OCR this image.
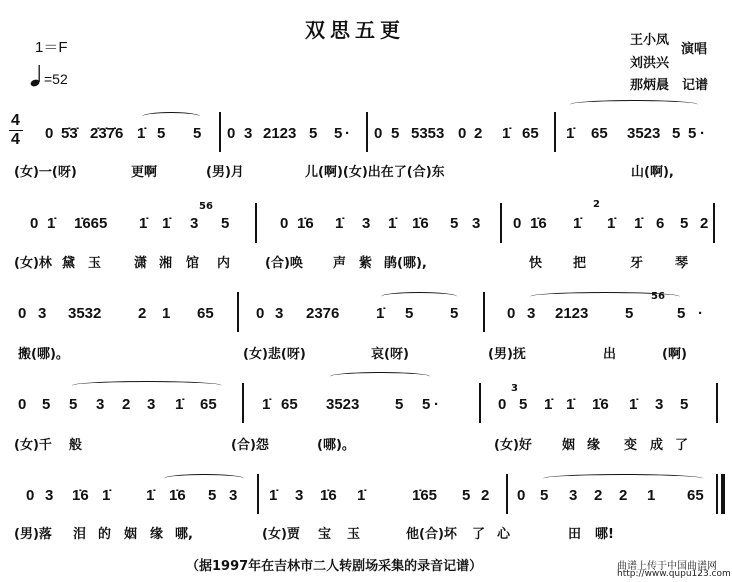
双思五更
1＝F
=52
王小凤
演唱
刘洪兴
那炳晨 记谱
4
4 0 5̇3̇ 2̇3̇7̇6 1̇ 5 5 0 3 2123 5 5 · 0 5 5353 0 2 1̇ 65 1̇ 65 3523 5 5 ·
(女)一(呀)	更啊	(男)月	儿(啊)(女)出在了(合)东	山(啊),
0 1̇ 1̇665 1̇ 1̇ 3
56
5	0 1̇6 1̇ 3 1̇ 1̇6 5 3 0 1̇6 1̇
2
1̇ 1̇ 6 5 2
(女)林 黛 玉	潇 湘 馆 内	(合)唤 声 紫 鹃(哪),	快 把	牙 琴
0 3 3532 2 1 65	0 3 2376 1̇ 5 5	0 3 2123 5
56
5 ·
搬(哪)。	(女)悲(呀)	哀(呀)	(男)抚	出	(啊)
0 5 5 3 2 3 1̇ 65	1̇ 65 3523 5 5 ·	0
3
5 1̇ 1̇ 1̇6 1̇ 3 5
(女)千 般	(合)怨	(哪)。	(女)好 姻 缘 变 成 了
0 3 1̇6 1̇ 1̇ 1̇6 5 3 1̇ 3 1̇6 1̇	1̇65 5 2 0 5 3 2 2 1 65
(男)落 泪 的 姻 缘 哪,	(女)贾 宝 玉	他(合)坏 了 心	田 哪!
（据1997年在吉林市二人转剧场采集的录音记谱）	曲谱上传于中国曲谱网
http://www.qupu123.com
